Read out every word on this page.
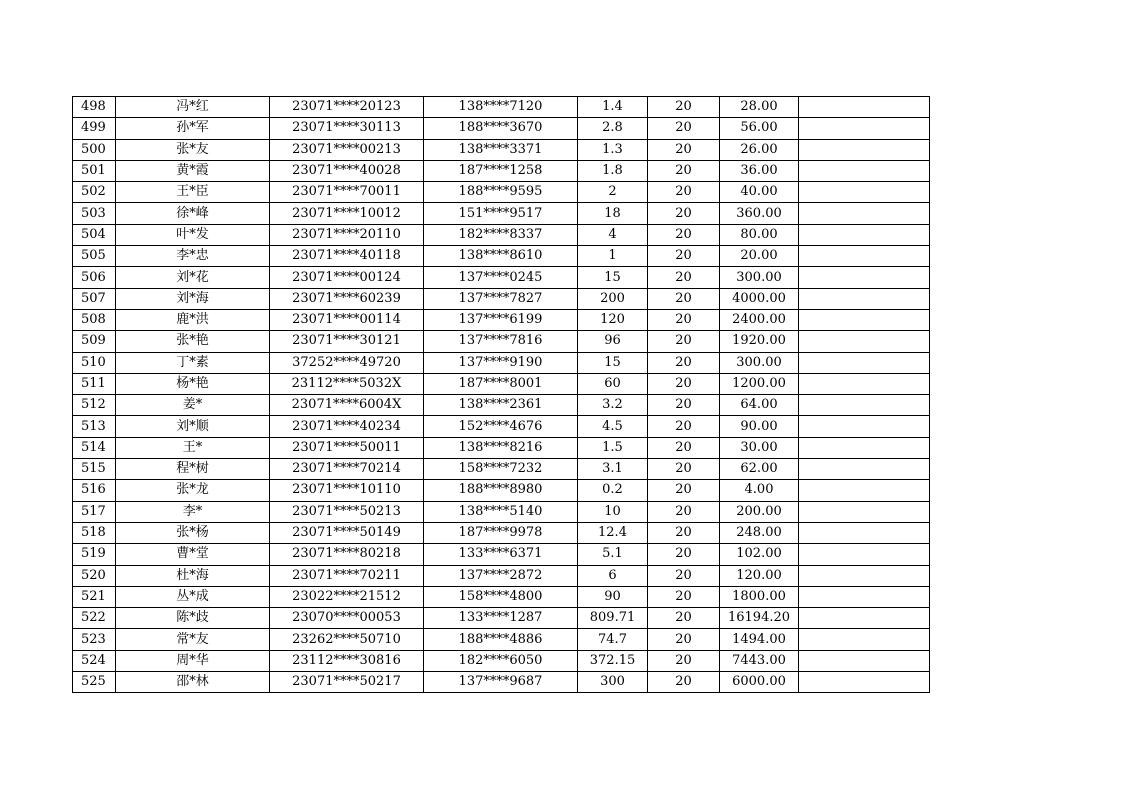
498	冯*红	23071****20123	138****7120	1.4	20	28.00	
499	孙*军	23071****30113	188****3670	2.8	20	56.00	
500	张*友	23071****00213	138****3371	1.3	20	26.00	
501	黄*霞	23071****40028	187****1258	1.8	20	36.00	
502	王*臣	23071****70011	188****9595	2	20	40.00	
503	徐*峰	23071****10012	151****9517	18	20	360.00	
504	叶*发	23071****20110	182****8337	4	20	80.00	
505	李*忠	23071****40118	138****8610	1	20	20.00	
506	刘*花	23071****00124	137****0245	15	20	300.00	
507	刘*海	23071****60239	137****7827	200	20	4000.00	
508	鹿*洪	23071****00114	137****6199	120	20	2400.00	
509	张*艳	23071****30121	137****7816	96	20	1920.00	
510	丁*素	37252****49720	137****9190	15	20	300.00	
511	杨*艳	23112****5032X	187****8001	60	20	1200.00	
512	姜*	23071****6004X	138****2361	3.2	20	64.00	
513	刘*顺	23071****40234	152****4676	4.5	20	90.00	
514	王*	23071****50011	138****8216	1.5	20	30.00	
515	程*树	23071****70214	158****7232	3.1	20	62.00	
516	张*龙	23071****10110	188****8980	0.2	20	4.00	
517	李*	23071****50213	138****5140	10	20	200.00	
518	张*杨	23071****50149	187****9978	12.4	20	248.00	
519	曹*堂	23071****80218	133****6371	5.1	20	102.00	
520	杜*海	23071****70211	137****2872	6	20	120.00	
521	丛*成	23022****21512	158****4800	90	20	1800.00	
522	陈*歧	23070****00053	133****1287	809.71	20	16194.20	
523	常*友	23262****50710	188****4886	74.7	20	1494.00	
524	周*华	23112****30816	182****6050	372.15	20	7443.00	
525	邵*林	23071****50217	137****9687	300	20	6000.00	
